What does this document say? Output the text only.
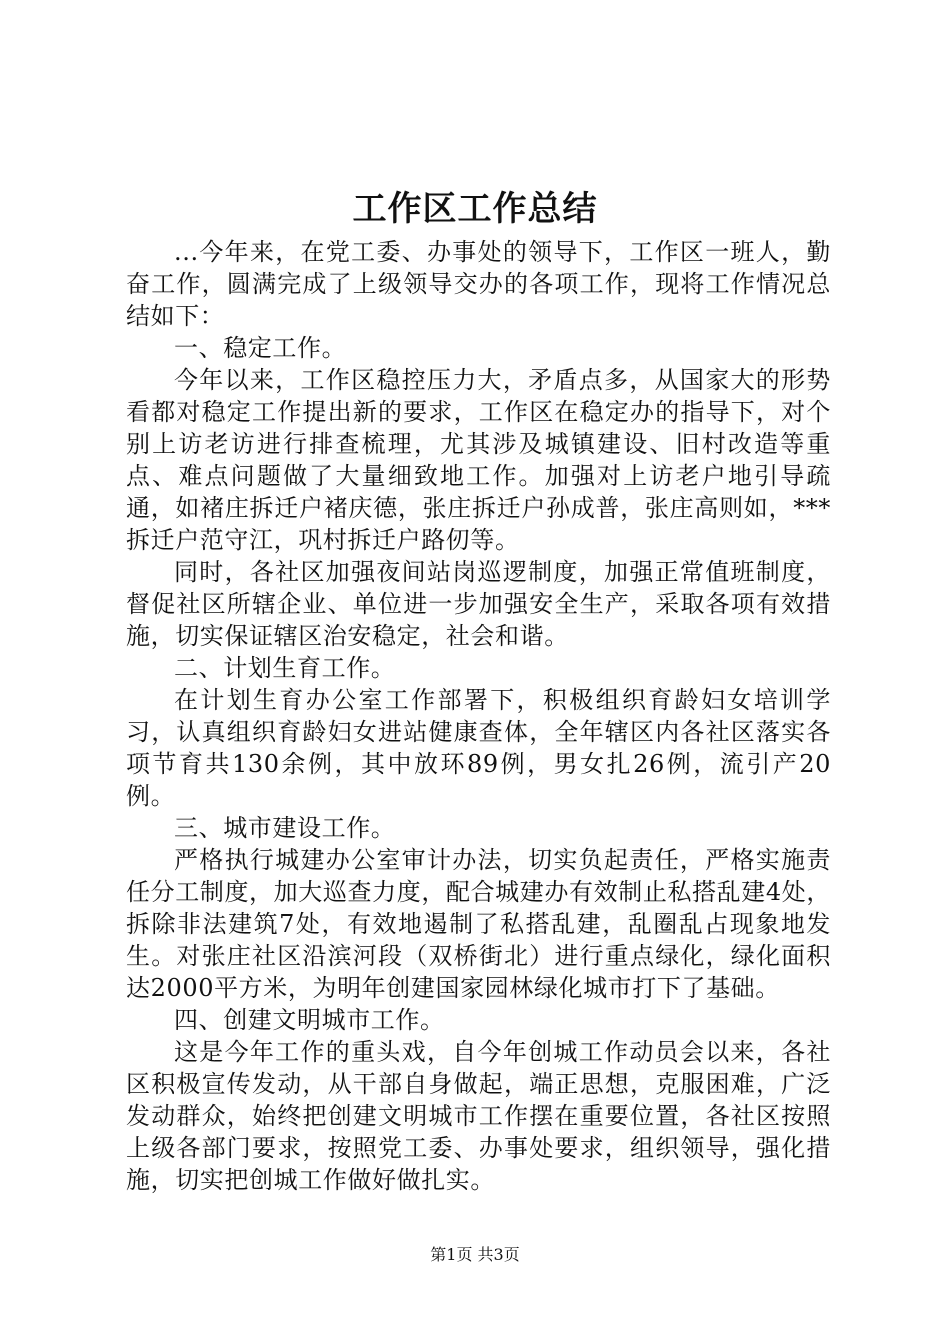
工作区工作总结

...今年来，在党工委、办事处的领导下，工作区一班人，勤奋工作，圆满完成了上级领导交办的各项工作，现将工作情况总结如下：

一、稳定工作。

今年以来，工作区稳控压力大，矛盾点多，从国家大的形势看都对稳定工作提出新的要求，工作区在稳定办的指导下，对个别上访老访进行排查梳理，尤其涉及城镇建设、旧村改造等重点、难点问题做了大量细致地工作。加强对上访老户地引导疏通，如褚庄拆迁户褚庆德，张庄拆迁户孙成普，张庄高则如，***拆迁户范守江，巩村拆迁户路仞等。

同时，各社区加强夜间站岗巡逻制度，加强正常值班制度，督促社区所辖企业、单位进一步加强安全生产，采取各项有效措施，切实保证辖区治安稳定，社会和谐。

二、计划生育工作。

在计划生育办公室工作部署下，积极组织育龄妇女培训学习，认真组织育龄妇女进站健康查体，全年辖区内各社区落实各项节育共130余例，其中放环89例，男女扎26例，流引产20例。

三、城市建设工作。

严格执行城建办公室审计办法，切实负起责任，严格实施责任分工制度，加大巡查力度，配合城建办有效制止私搭乱建4处，拆除非法建筑7处，有效地遏制了私搭乱建，乱圈乱占现象地发生。对张庄社区沿滨河段（双桥街北）进行重点绿化，绿化面积达2000平方米，为明年创建国家园林绿化城市打下了基础。

四、创建文明城市工作。

这是今年工作的重头戏，自今年创城工作动员会以来，各社区积极宣传发动，从干部自身做起，端正思想，克服困难，广泛发动群众，始终把创建文明城市工作摆在重要位置，各社区按照上级各部门要求，按照党工委、办事处要求，组织领导，强化措施，切实把创城工作做好做扎实。

第1页 共3页
